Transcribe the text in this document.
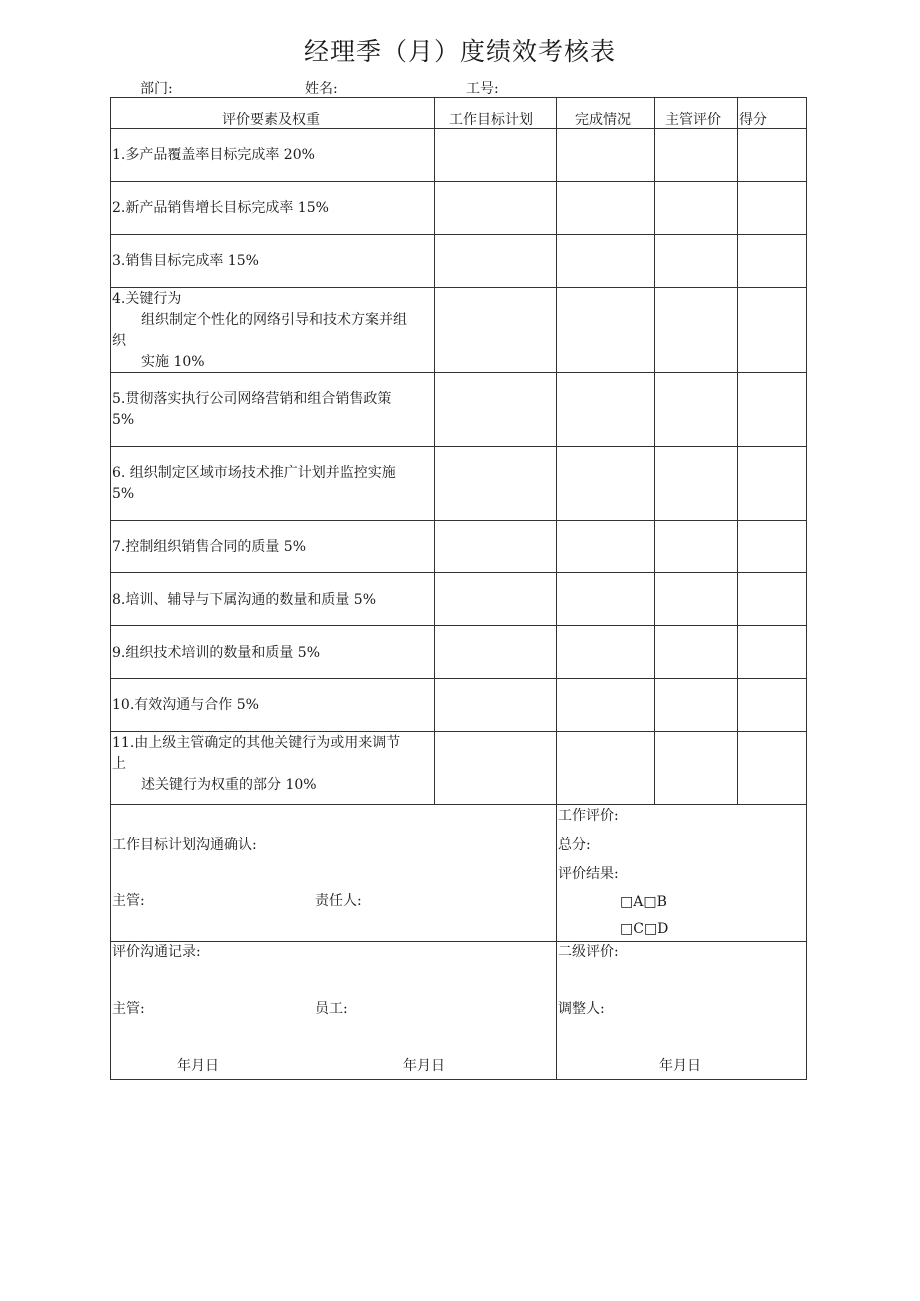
经理季（月）度绩效考核表
部门:	姓名:	工号:
评价要素及权重	工作目标计划	完成情况 主管评价 得分
1.多产品覆盖率目标完成率 20%
2.新产品销售增长目标完成率 15%
3.销售目标完成率 15%
4.关键行为
组织制定个性化的网络引导和技术方案并组
织
实施 10%
5.贯彻落实执行公司网络营销和组合销售政策
5%
6. 组织制定区域市场技术推广计划并监控实施
5%
7.控制组织销售合同的质量 5%
8.培训、辅导与下属沟通的数量和质量 5%
9.组织技术培训的数量和质量 5%
10.有效沟通与合作 5%
11.由上级主管确定的其他关键行为或用来调节
上
述关键行为权重的部分 10%
工作目标计划沟通确认:
主管:	责任人:
工作评价:
总分:
评价结果:
□A□B
□C□D
评价沟通记录:
主管:	员工:
二级评价:
调整人:
年月日	年月日	年月日
